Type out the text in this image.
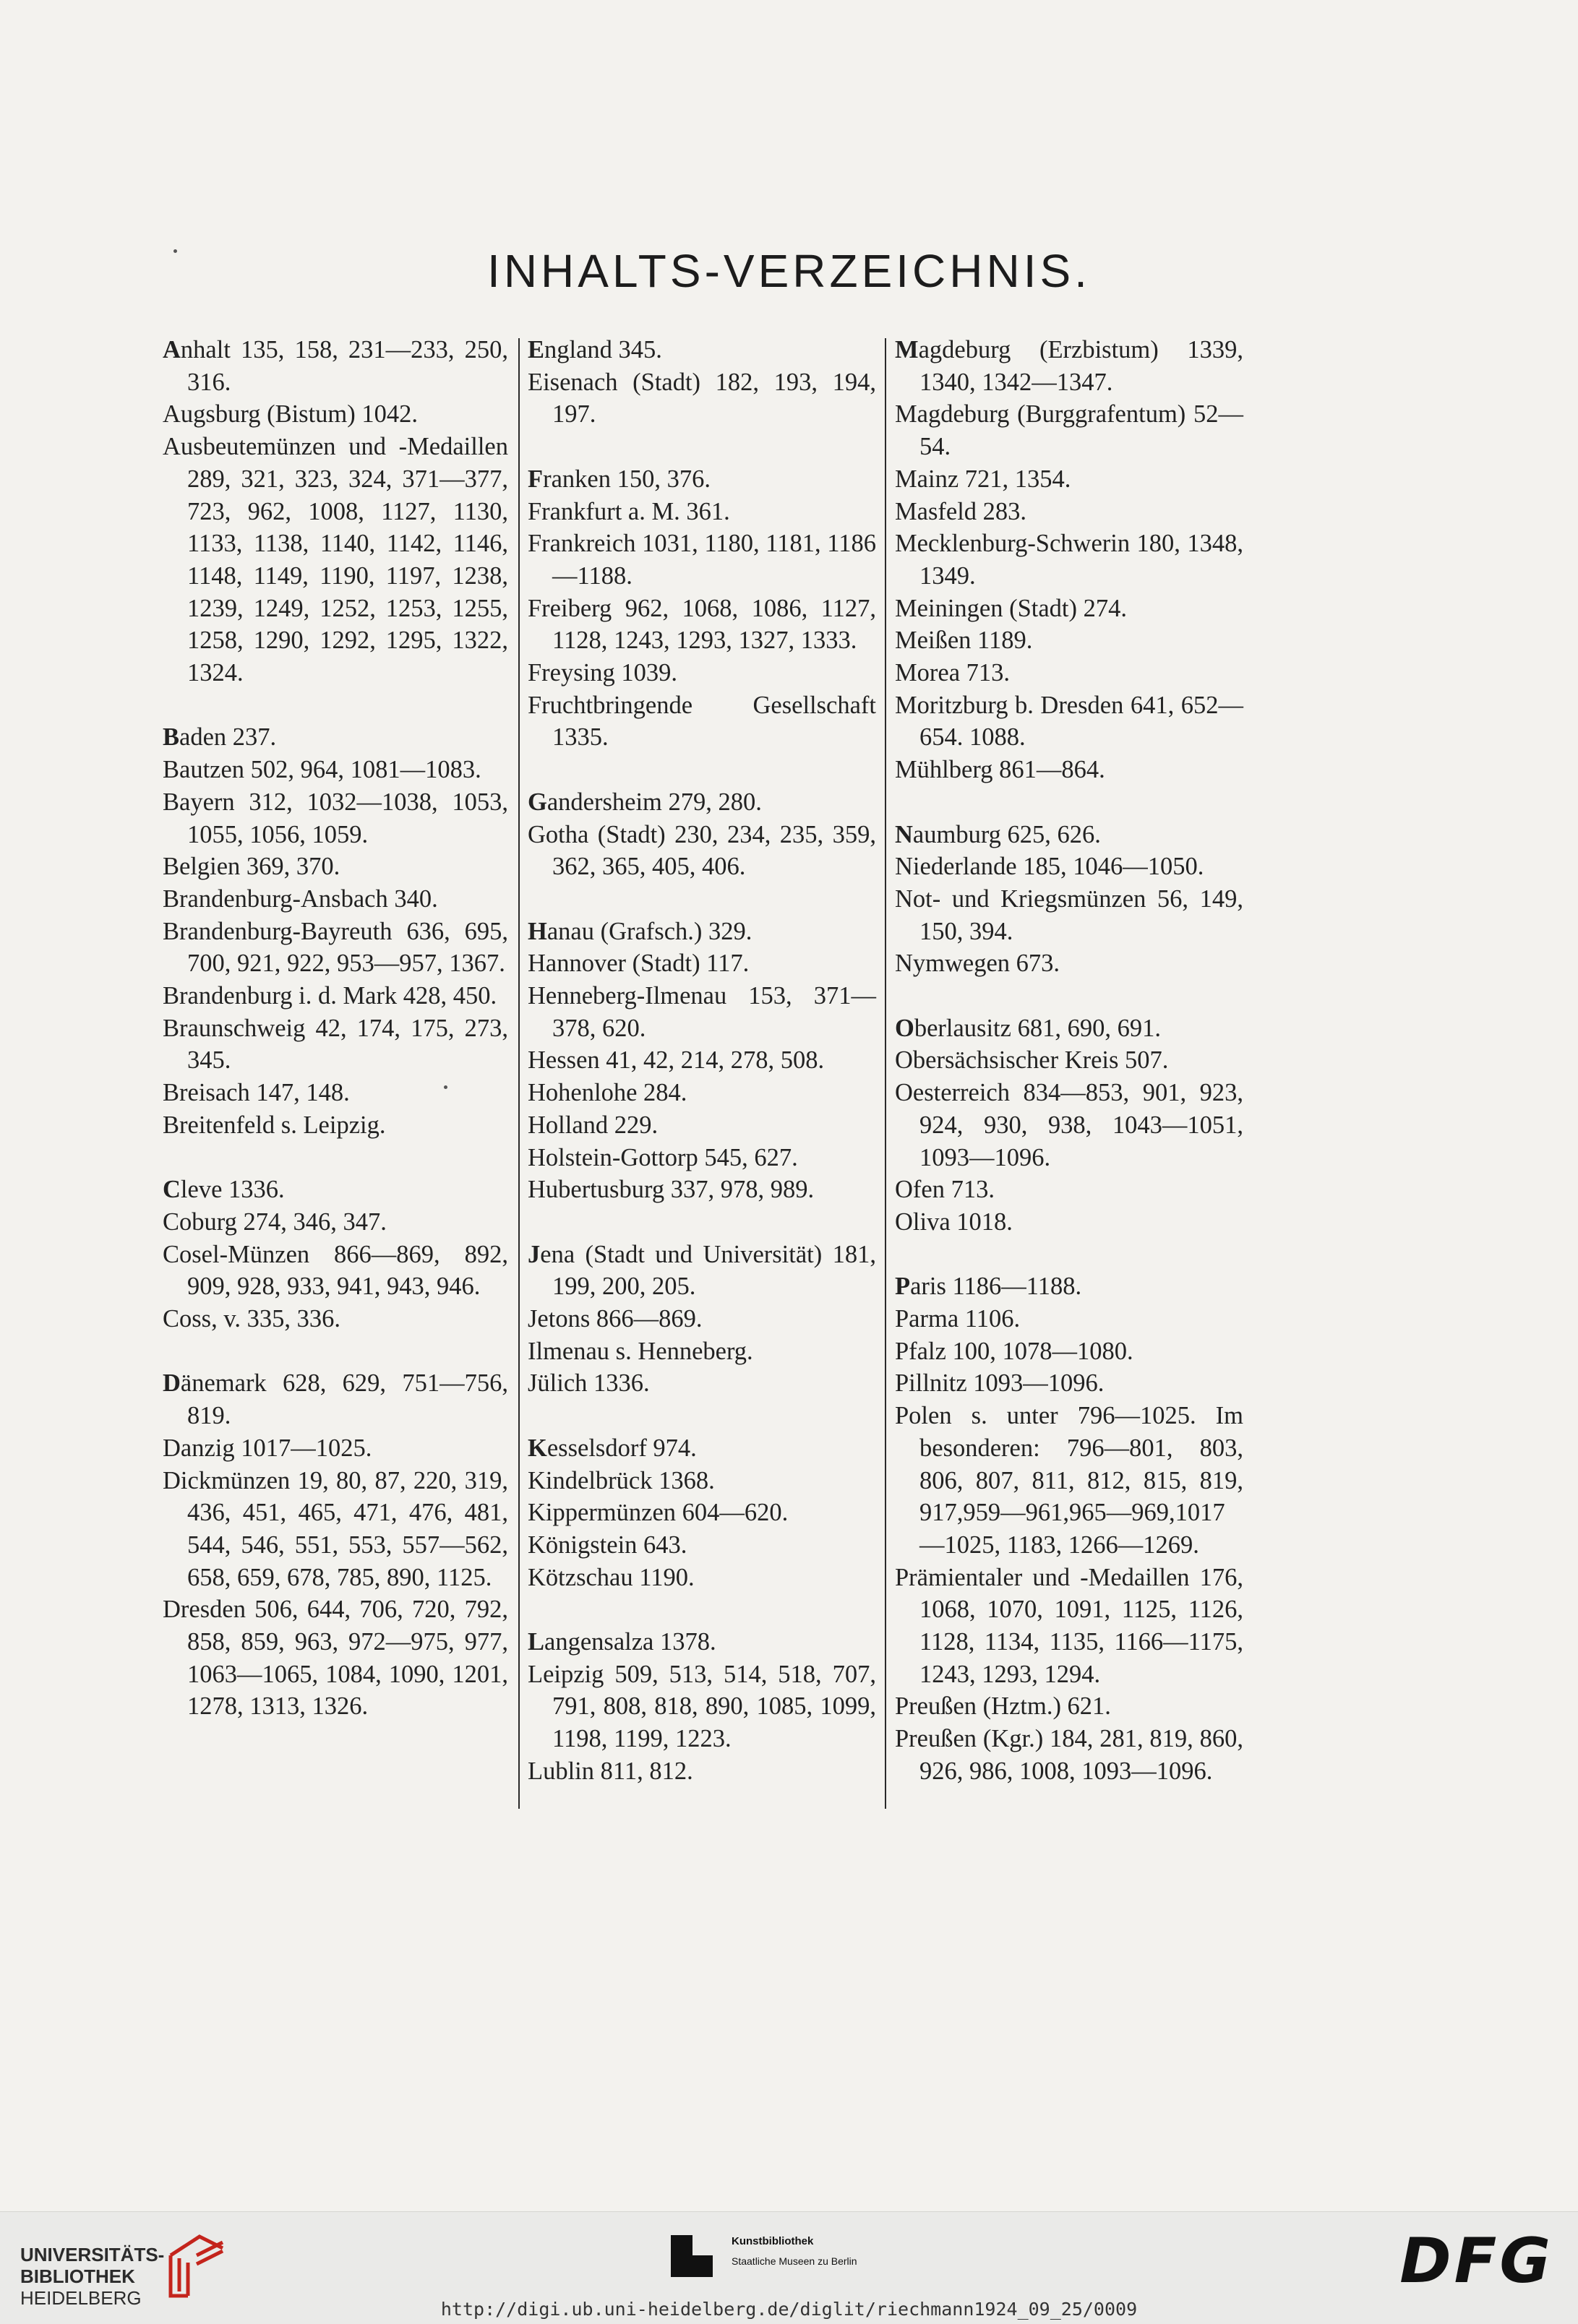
INHALTS-VERZEICHNIS.

Anhalt 135, 158, 231—233, 250, 316.

Augsburg (Bistum) 1042.

Ausbeutemünzen und -Medaillen 289, 321, 323, 324, 371—377, 723, 962, 1008, 1127, 1130, 1133, 1138, 1140, 1142, 1146, 1148, 1149, 1190, 1197, 1238, 1239, 1249, 1252, 1253, 1255, 1258, 1290, 1292, 1295, 1322, 1324.

Baden 237.

Bautzen 502, 964, 1081—1083.

Bayern 312, 1032—1038, 1053, 1055, 1056, 1059.

Belgien 369, 370.

Brandenburg-Ansbach 340.

Brandenburg-Bayreuth 636, 695, 700, 921, 922, 953—957, 1367.

Brandenburg i. d. Mark 428, 450.

Braunschweig 42, 174, 175, 273, 345.

Breisach 147, 148.

Breitenfeld s. Leipzig.

Cleve 1336.

Coburg 274, 346, 347.

Cosel-Münzen 866—869, 892, 909, 928, 933, 941, 943, 946.

Coss, v. 335, 336.

Dänemark 628, 629, 751—756, 819.

Danzig 1017—1025.

Dickmünzen 19, 80, 87, 220, 319, 436, 451, 465, 471, 476, 481, 544, 546, 551, 553, 557—562, 658, 659, 678, 785, 890, 1125.

Dresden 506, 644, 706, 720, 792, 858, 859, 963, 972—975, 977, 1063—1065, 1084, 1090, 1201, 1278, 1313, 1326.

England 345.

Eisenach (Stadt) 182, 193, 194, 197.

Franken 150, 376.

Frankfurt a. M. 361.

Frankreich 1031, 1180, 1181, 1186—1188.

Freiberg 962, 1068, 1086, 1127, 1128, 1243, 1293, 1327, 1333.

Freysing 1039.

Fruchtbringende Gesellschaft 1335.

Gandersheim 279, 280.

Gotha (Stadt) 230, 234, 235, 359, 362, 365, 405, 406.

Hanau (Grafsch.) 329.

Hannover (Stadt) 117.

Henneberg-Ilmenau 153, 371—378, 620.

Hessen 41, 42, 214, 278, 508.

Hohenlohe 284.

Holland 229.

Holstein-Gottorp 545, 627.

Hubertusburg 337, 978, 989.

Jena (Stadt und Universität) 181, 199, 200, 205.

Jetons 866—869.

Ilmenau s. Henneberg.

Jülich 1336.

Kesselsdorf 974.

Kindelbrück 1368.

Kippermünzen 604—620.

Königstein 643.

Kötzschau 1190.

Langensalza 1378.

Leipzig 509, 513, 514, 518, 707, 791, 808, 818, 890, 1085, 1099, 1198, 1199, 1223.

Lublin 811, 812.

Magdeburg (Erzbistum) 1339, 1340, 1342—1347.

Magdeburg (Burggrafentum) 52—54.

Mainz 721, 1354.

Masfeld 283.

Mecklenburg-Schwerin 180, 1348, 1349.

Meiningen (Stadt) 274.

Meißen 1189.

Morea 713.

Moritzburg b. Dresden 641, 652—654. 1088.

Mühlberg 861—864.

Naumburg 625, 626.

Niederlande 185, 1046—1050.

Not- und Kriegsmünzen 56, 149, 150, 394.

Nymwegen 673.

Oberlausitz 681, 690, 691.

Obersächsischer Kreis 507.

Oesterreich 834—853, 901, 923, 924, 930, 938, 1043—1051, 1093—1096.

Ofen 713.

Oliva 1018.

Paris 1186—1188.

Parma 1106.

Pfalz 100, 1078—1080.

Pillnitz 1093—1096.

Polen s. unter 796—1025. Im besonderen: 796—801, 803, 806, 807, 811, 812, 815, 819, 917,959—961,965—969,1017—1025, 1183, 1266—1269.

Prämientaler und -Medaillen 176, 1068, 1070, 1091, 1125, 1126, 1128, 1134, 1135, 1166—1175, 1243, 1293, 1294.

Preußen (Hztm.) 621.

Preußen (Kgr.) 184, 281, 819, 860, 926, 986, 1008, 1093—1096.

UNIVERSITÄTS-
BIBLIOTHEK
HEIDELBERG
Kunstbibliothek
Staatliche Museen zu Berlin	DFG
http://digi.ub.uni-heidelberg.de/diglit/riechmann1924_09_25/0009
